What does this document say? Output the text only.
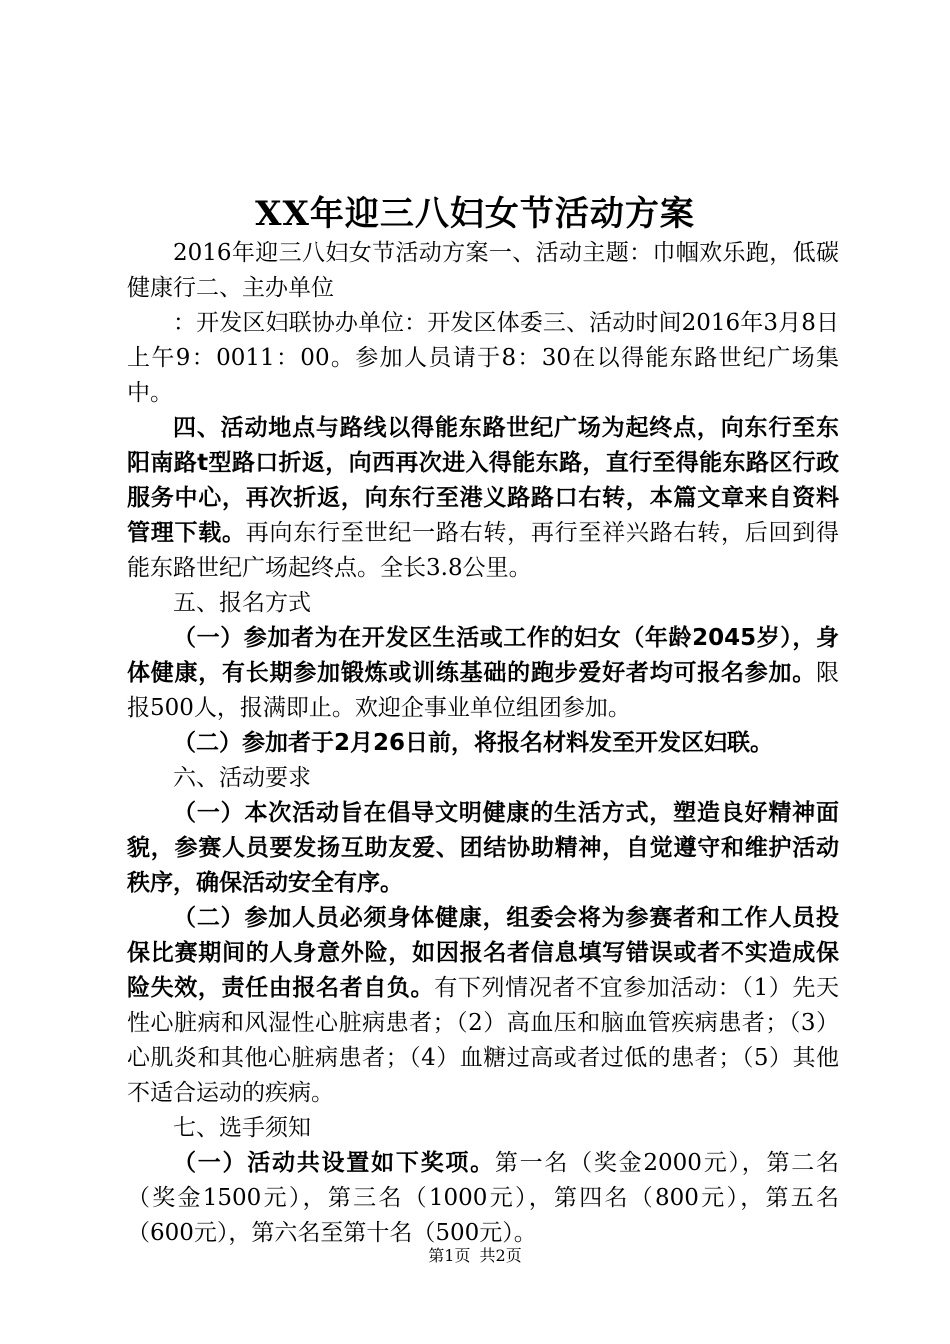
XX年迎三八妇女节活动方案

2016年迎三八妇女节活动方案一、活动主题：巾帼欢乐跑，低碳健康行二、主办单位

：开发区妇联协办单位：开发区体委三、活动时间2016年3月8日上午9：0011：00。参加人员请于8：30在以得能东路世纪广场集中。

四、活动地点与路线以得能东路世纪广场为起终点，向东行至东阳南路t型路口折返，向西再次进入得能东路，直行至得能东路区行政服务中心，再次折返，向东行至港义路路口右转，本篇文章来自资料管理下载。再向东行至世纪一路右转，再行至祥兴路右转，后回到得能东路世纪广场起终点。全长3.8公里。

五、报名方式

（一）参加者为在开发区生活或工作的妇女（年龄2045岁），身体健康，有长期参加锻炼或训练基础的跑步爱好者均可报名参加。限报500人，报满即止。欢迎企事业单位组团参加。

（二）参加者于2月26日前，将报名材料发至开发区妇联。

六、活动要求

（一）本次活动旨在倡导文明健康的生活方式，塑造良好精神面貌，参赛人员要发扬互助友爱、团结协助精神，自觉遵守和维护活动秩序，确保活动安全有序。

（二）参加人员必须身体健康，组委会将为参赛者和工作人员投保比赛期间的人身意外险，如因报名者信息填写错误或者不实造成保险失效，责任由报名者自负。有下列情况者不宜参加活动：（1）先天性心脏病和风湿性心脏病患者；（2）高血压和脑血管疾病患者；（3）心肌炎和其他心脏病患者；（4）血糖过高或者过低的患者；（5）其他不适合运动的疾病。

七、选手须知

（一）活动共设置如下奖项。第一名（奖金2000元），第二名（奖金1500元），第三名（1000元），第四名（800元），第五名（600元），第六名至第十名（500元）。

第1页 共2页
